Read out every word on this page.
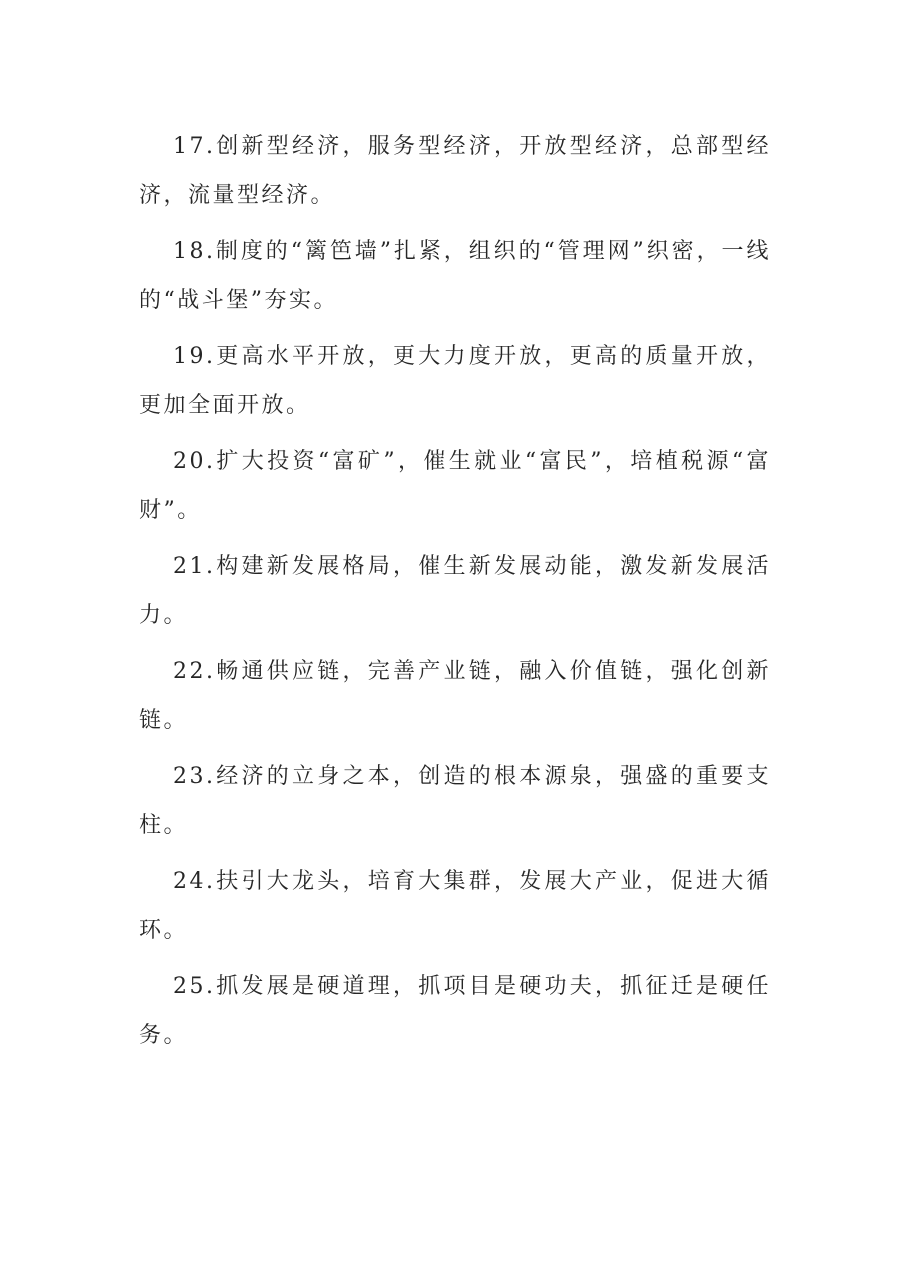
17.创新型经济，服务型经济，开放型经济，总部型经济，流量型经济。

18.制度的“篱笆墙”扎紧，组织的“管理网”织密，一线的“战斗堡”夯实。

19.更高水平开放，更大力度开放，更高的质量开放，更加全面开放。

20.扩大投资“富矿”，催生就业“富民”，培植税源“富财”。

21.构建新发展格局，催生新发展动能，激发新发展活力。

22.畅通供应链，完善产业链，融入价值链，强化创新链。

23.经济的立身之本，创造的根本源泉，强盛的重要支柱。

24.扶引大龙头，培育大集群，发展大产业，促进大循环。

25.抓发展是硬道理，抓项目是硬功夫，抓征迁是硬任务。
